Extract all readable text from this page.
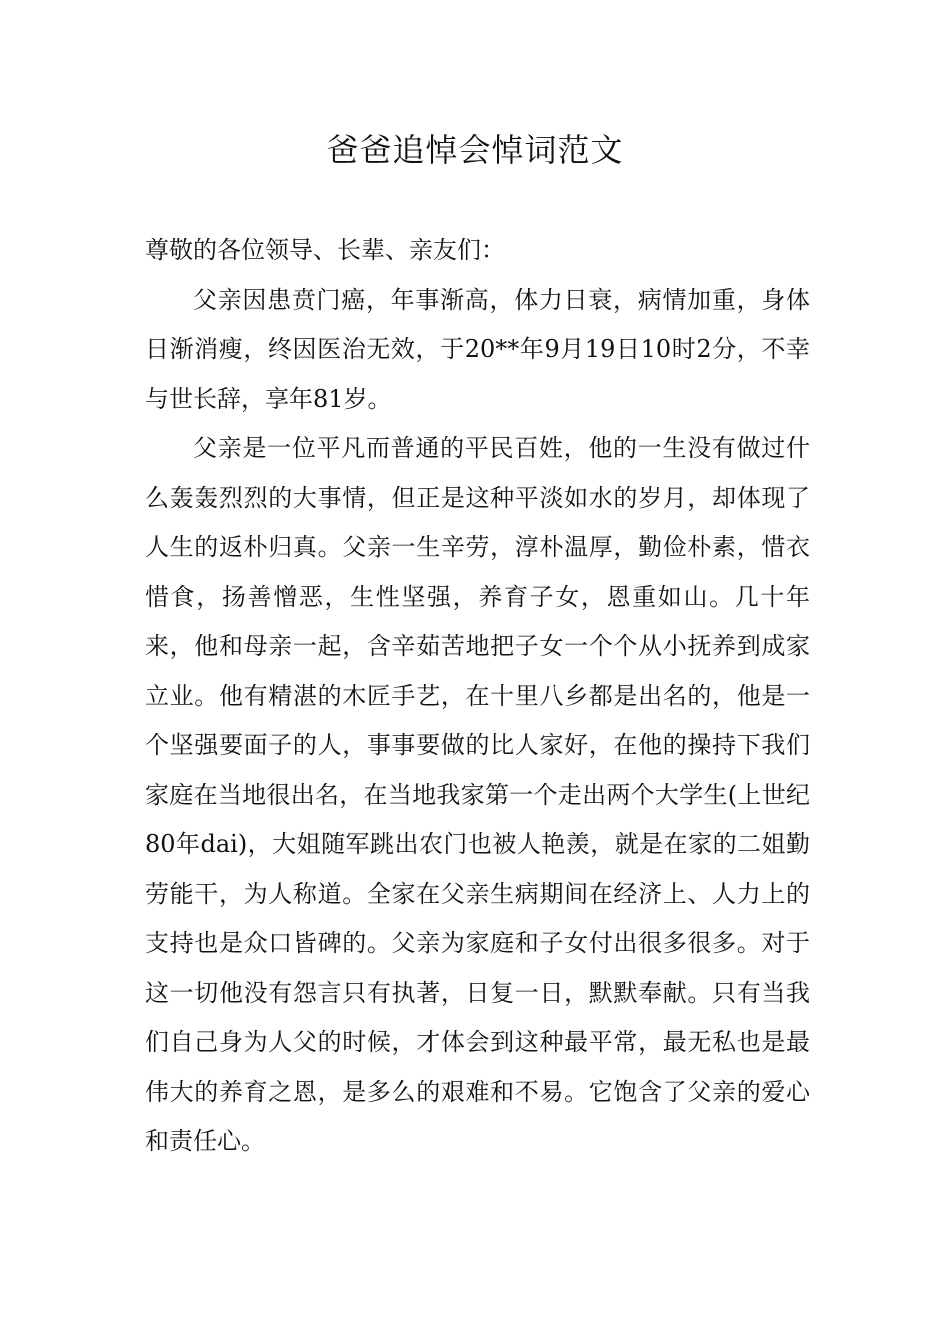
爸爸追悼会悼词范文

尊敬的各位领导、长辈、亲友们：

父亲因患贲门癌，年事渐高，体力日衰，病情加重，身体日渐消瘦，终因医治无效，于20**年9月19日10时2分，不幸与世长辞，享年81岁。

父亲是一位平凡而普通的平民百姓，他的一生没有做过什么轰轰烈烈的大事情，但正是这种平淡如水的岁月，却体现了人生的返朴归真。父亲一生辛劳，淳朴温厚，勤俭朴素，惜衣惜食，扬善憎恶，生性坚强，养育子女，恩重如山。几十年来，他和母亲一起，含辛茹苦地把子女一个个从小抚养到成家立业。他有精湛的木匠手艺，在十里八乡都是出名的，他是一个坚强要面子的人，事事要做的比人家好，在他的操持下我们家庭在当地很出名，在当地我家第一个走出两个大学生(上世纪80年dai)，大姐随军跳出农门也被人艳羡，就是在家的二姐勤劳能干，为人称道。全家在父亲生病期间在经济上、人力上的支持也是众口皆碑的。父亲为家庭和子女付出很多很多。对于这一切他没有怨言只有执著，日复一日，默默奉献。只有当我们自己身为人父的时候，才体会到这种最平常，最无私也是最伟大的养育之恩，是多么的艰难和不易。它饱含了父亲的爱心和责任心。
